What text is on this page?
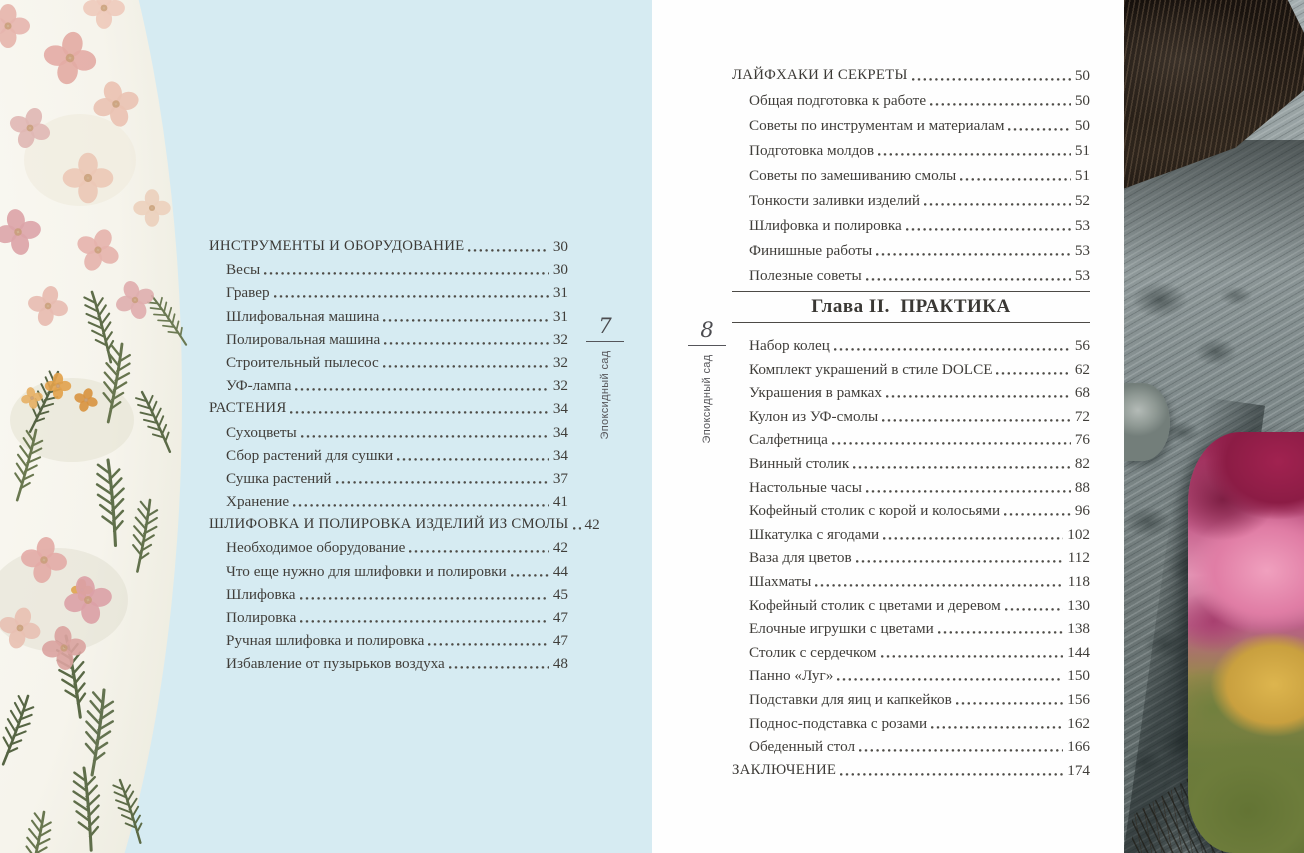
ИНСТРУМЕНТЫ И ОБОРУДОВАНИЕ	30
Весы	30
Гравер	31
Шлифовальная машина	31
Полировальная машина	32
Строительный пылесос	32
УФ-лампа	32
РАСТЕНИЯ	34
Сухоцветы	34
Сбор растений для сушки	34
Сушка растений	37
Хранение	41
ШЛИФОВКА И ПОЛИРОВКА ИЗДЕЛИЙ ИЗ СМОЛЫ 42
Необходимое оборудование	42
Что еще нужно для шлифовки и полировки	44
Шлифовка	45
Полировка	47
Ручная шлифовка и полировка	47
Избавление от пузырьков воздуха	48
7
Эпоксидный сад
8
Эпоксидный сад
ЛАЙФХАКИ И СЕКРЕТЫ	50
Общая подготовка к работе	50
Советы по инструментам и материалам	50
Подготовка молдов	51
Советы по замешиванию смолы	51
Тонкости заливки изделий	52
Шлифовка и полировка	53
Финишные работы	53
Полезные советы	53
Глава II.  ПРАКТИКА
Набор колец	56
Комплект украшений в стиле DOLCE	62
Украшения в рамках	68
Кулон из УФ-смолы	72
Салфетница	76
Винный столик	82
Настольные часы	88
Кофейный столик с корой и колосьями	96
Шкатулка с ягодами	102
Ваза для цветов	112
Шахматы	118
Кофейный столик с цветами и деревом	130
Елочные игрушки с цветами	138
Столик с сердечком	144
Панно «Луг»	150
Подставки для яиц и капкейков	156
Поднос-подставка с розами	162
Обеденный стол	166
ЗАКЛЮЧЕНИЕ	174
